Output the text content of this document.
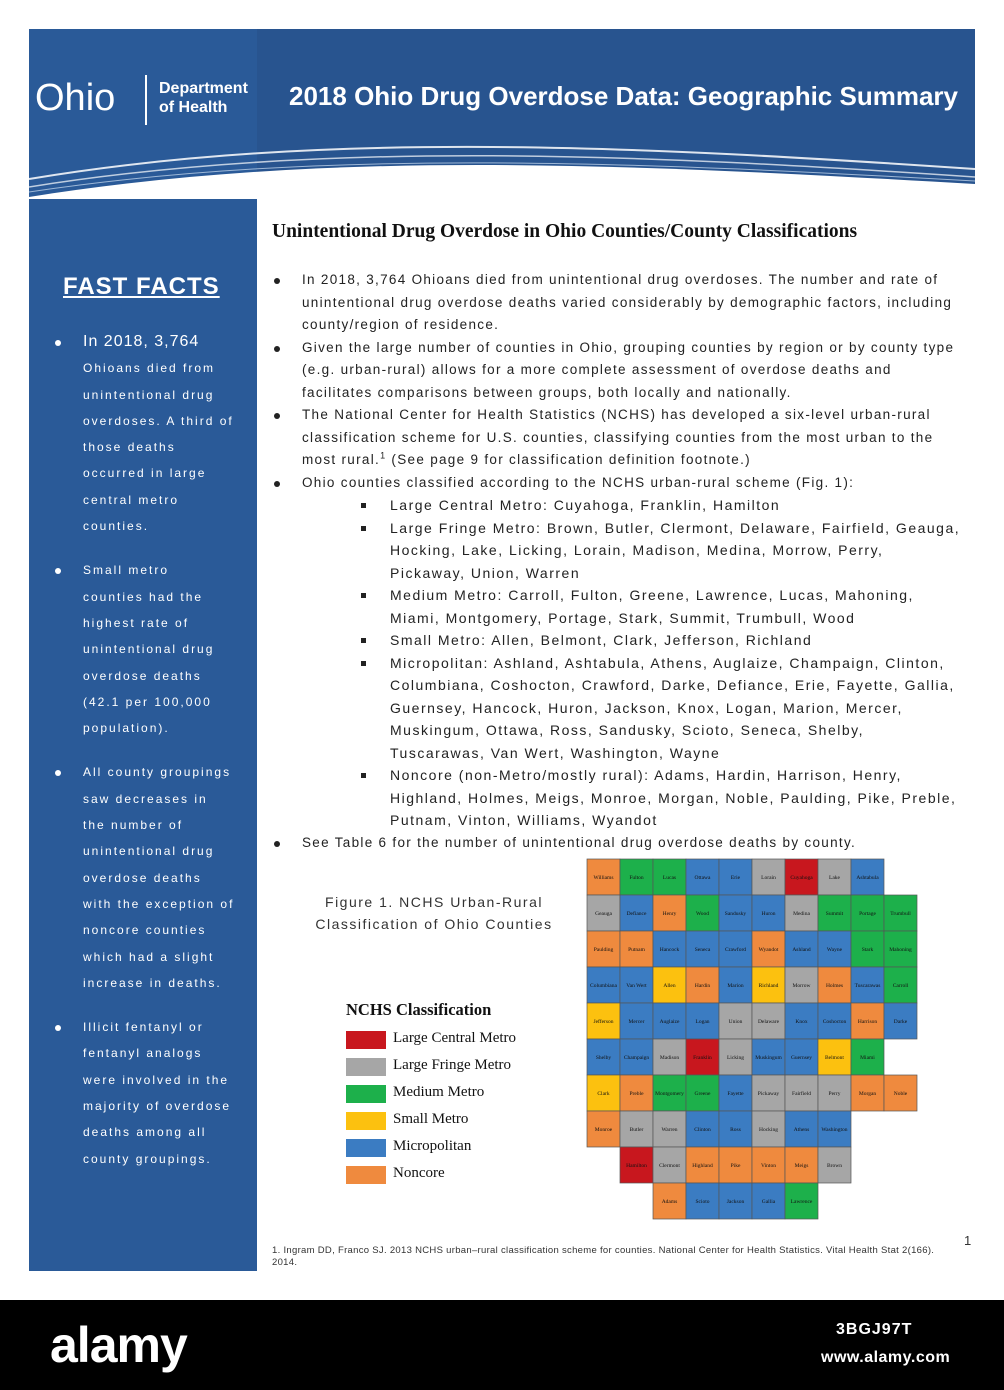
Ohio	Department
of Health	2018 Ohio Drug Overdose Data: Geographic Summary
FAST FACTS
In 2018, 3,764 Ohioans died from unintentional drug overdoses. A third of those deaths occurred in large central metro counties.
Small metro counties had the highest rate of unintentional drug overdose deaths (42.1 per 100,000 population).
All county groupings saw decreases in the number of unintentional drug overdose deaths with the exception of noncore counties which had a slight increase in deaths.
Illicit fentanyl or fentanyl analogs were involved in the majority of overdose deaths among all county groupings.
Unintentional Drug Overdose in Ohio Counties/County Classifications
In 2018, 3,764 Ohioans died from unintentional drug overdoses. The number and rate of unintentional drug overdose deaths varied considerably by demographic factors, including county/region of residence.
Given the large number of counties in Ohio, grouping counties by region or by county type (e.g. urban-rural) allows for a more complete assessment of overdose deaths and facilitates comparisons between groups, both locally and nationally.
The National Center for Health Statistics (NCHS) has developed a six-level urban-rural classification scheme for U.S. counties, classifying counties from the most urban to the most rural.$^1$ (See page 9 for classification definition footnote.)
Ohio counties classified according to the NCHS urban-rural scheme (Fig. 1):
Large Central Metro: Cuyahoga, Franklin, Hamilton
Large Fringe Metro: Brown, Butler, Clermont, Delaware, Fairfield, Geauga, Hocking, Lake, Licking, Lorain, Madison, Medina, Morrow, Perry, Pickaway, Union, Warren
Medium Metro: Carroll, Fulton, Greene, Lawrence, Lucas, Mahoning, Miami, Montgomery, Portage, Stark, Summit, Trumbull, Wood
Small Metro: Allen, Belmont, Clark, Jefferson, Richland
Micropolitan: Ashland, Ashtabula, Athens, Auglaize, Champaign, Clinton, Columbiana, Coshocton, Crawford, Darke, Defiance, Erie, Fayette, Gallia, Guernsey, Hancock, Huron, Jackson, Knox, Logan, Marion, Mercer, Muskingum, Ottawa, Ross, Sandusky, Scioto, Seneca, Shelby, Tuscarawas, Van Wert, Washington, Wayne
Noncore (non-Metro/mostly rural): Adams, Hardin, Harrison, Henry, Highland, Holmes, Meigs, Monroe, Morgan, Noble, Paulding, Pike, Preble, Putnam, Vinton, Williams, Wyandot
See Table 6 for the number of unintentional drug overdose deaths by county.
Figure 1. NCHS Urban-Rural Classification of Ohio Counties
NCHS Classification
Large Central Metro
Large Fringe Metro
Medium Metro
Small Metro
Micropolitan
Noncore
Williams	Fulton	Lucas	Ottawa	Erie	Lorain	Cuyahoga	Lake	Ashtabula
Geauga	Defiance	Henry	Wood	Sandusky	Huron	Medina	Summit	Portage	Trumbull
Paulding	Putnam	Hancock	Seneca	Crawford Wyandot	Ashland	Wayne	Stark	Mahoning
Columbiana Van Wert	Allen	Hardin	Marion	Richland	Morrow	Holmes Tuscarawas Carroll
Jefferson	Mercer	Auglaize	Logan	Union	Delaware	Knox	Coshocton Harrison	Darke
Shelby Champaign Madison	Franklin	Licking Muskingum Guernsey Belmont	Miami
Clark	Preble Montgomery Greene	Fayette	Pickaway Fairfield	Perry	Morgan	Noble
Monroe	Butler	Warren	Clinton	Ross	Hocking	Athens Washington
Hamilton Clermont Highland	Pike	Vinton	Meigs	Brown
Adams	Scioto	Jackson	Gallia	Lawrence
1. Ingram DD, Franco SJ. 2013 NCHS urban–rural classification scheme for counties. National Center for Health Statistics. Vital Health Stat 2(166). 2014.
1
alamy	3BGJ97T
www.alamy.com
